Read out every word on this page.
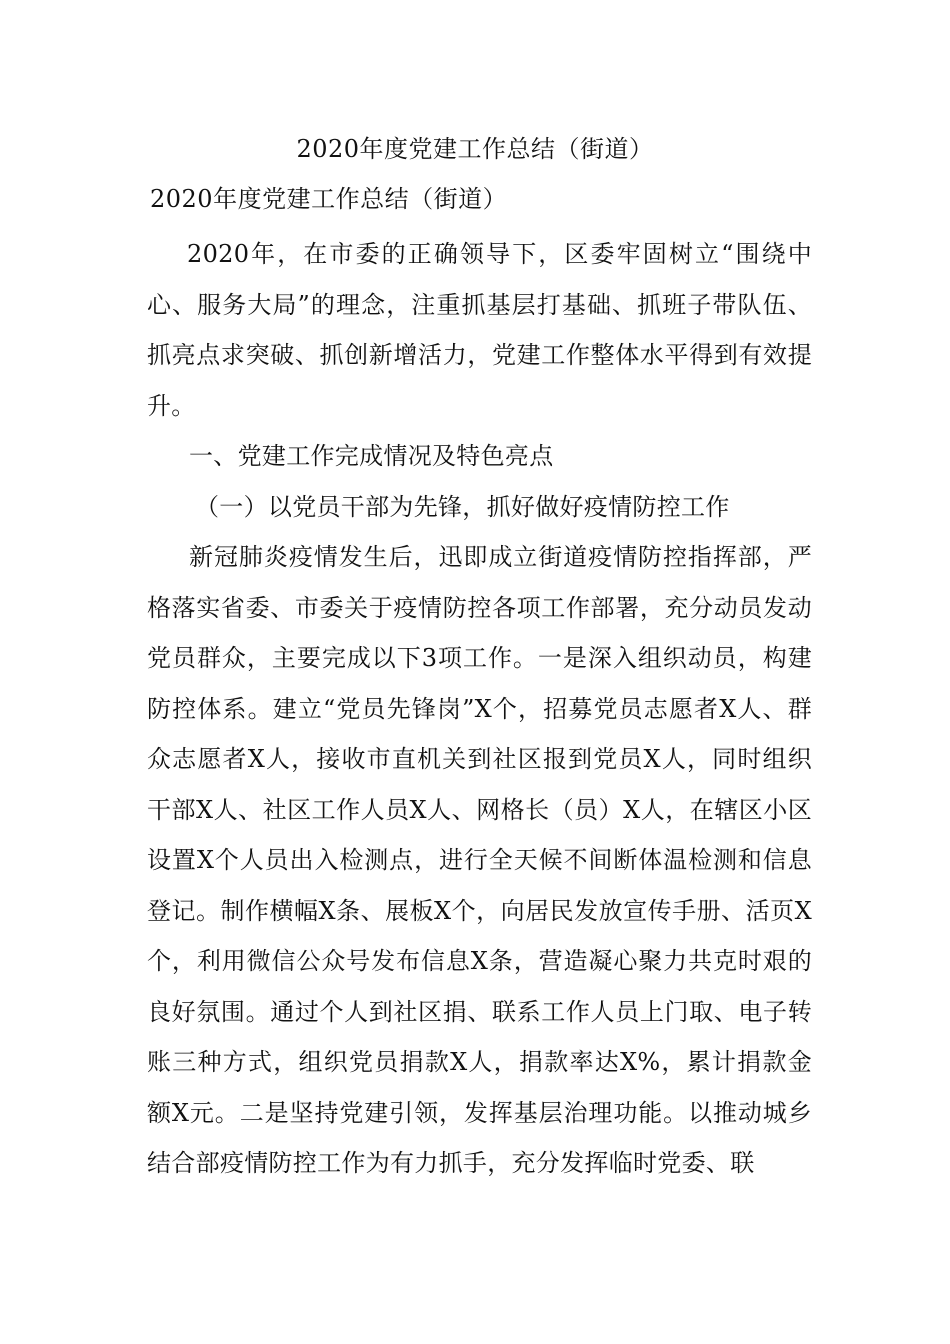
2020年度党建工作总结（街道）
2020年度党建工作总结（街道）

2020年，在市委的正确领导下，区委牢固树立“围绕中心、服务大局”的理念，注重抓基层打基础、抓班子带队伍、抓亮点求突破、抓创新增活力，党建工作整体水平得到有效提升。

一、党建工作完成情况及特色亮点

（一）以党员干部为先锋，抓好做好疫情防控工作

新冠肺炎疫情发生后，迅即成立街道疫情防控指挥部，严格落实省委、市委关于疫情防控各项工作部署，充分动员发动党员群众，主要完成以下3项工作。一是深入组织动员，构建防控体系。建立“党员先锋岗”X个，招募党员志愿者X人、群众志愿者X人，接收市直机关到社区报到党员X人，同时组织干部X人、社区工作人员X人、网格长（员）X人，在辖区小区设置X个人员出入检测点，进行全天候不间断体温检测和信息登记。制作横幅X条、展板X个，向居民发放宣传手册、活页X个，利用微信公众号发布信息X条，营造凝心聚力共克时艰的良好氛围。通过个人到社区捐、联系工作人员上门取、电子转账三种方式，组织党员捐款X人，捐款率达X%，累计捐款金额X元。二是坚持党建引领，发挥基层治理功能。以推动城乡结合部疫情防控工作为有力抓手，充分发挥临时党委、联
